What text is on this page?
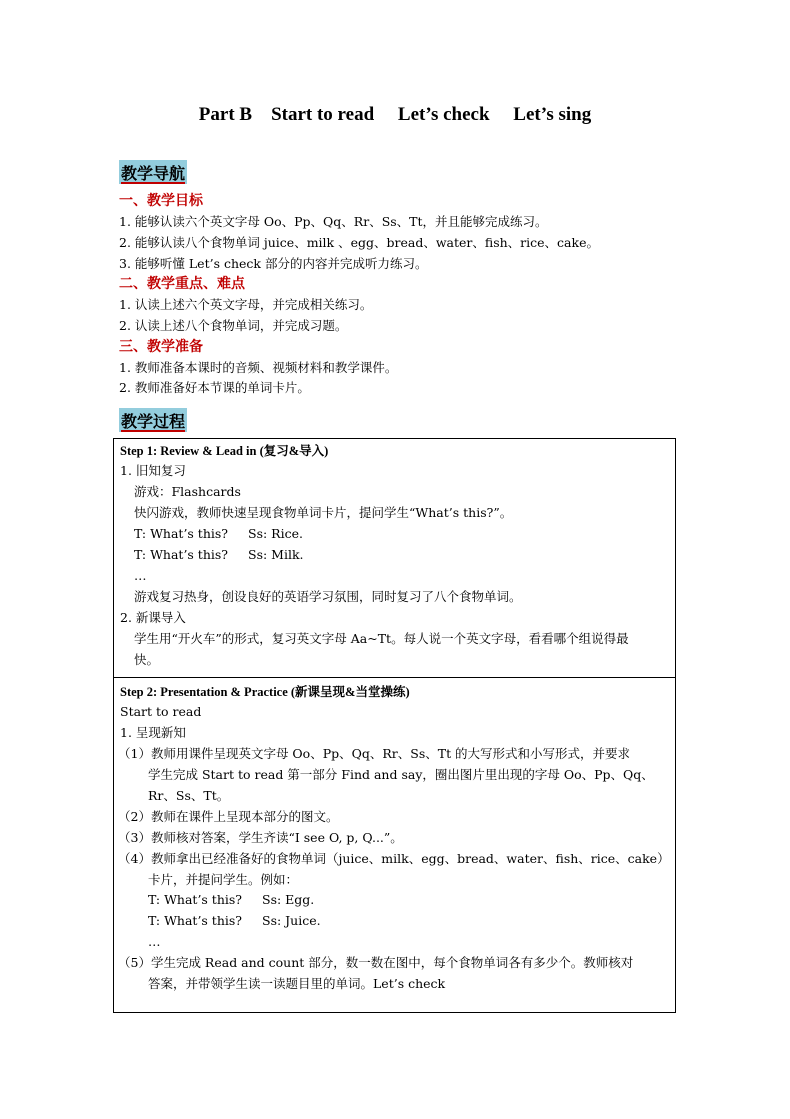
Part B    Start to read     Let’s check     Let’s sing
教学导航
一、教学目标
1. 能够认读六个英文字母 Oo、Pp、Qq、Rr、Ss、Tt，并且能够完成练习。
2. 能够认读八个食物单词 juice、milk 、egg、bread、water、fish、rice、cake。
3. 能够听懂 Let’s check 部分的内容并完成听力练习。
二、教学重点、难点
1. 认读上述六个英文字母，并完成相关练习。
2. 认读上述八个食物单词，并完成习题。
三、教学准备
1. 教师准备本课时的音频、视频材料和教学课件。
2. 教师准备好本节课的单词卡片。
教学过程
Step 1: Review & Lead in (复习&导入)
1. 旧知复习
游戏：Flashcards
快闪游戏，教师快速呈现食物单词卡片，提问学生“What’s this?”。
T: What’s this? Ss: Rice.
T: What’s this? Ss: Milk.
…
游戏复习热身，创设良好的英语学习氛围，同时复习了八个食物单词。
2. 新课导入
学生用“开火车”的形式，复习英文字母 Aa~Tt。每人说一个英文字母，看看哪个组说得最
快。
Step 2: Presentation & Practice (新课呈现&当堂操练)
Start to read
1. 呈现新知
（1）教师用课件呈现英文字母 Oo、Pp、Qq、Rr、Ss、Tt 的大写形式和小写形式，并要求
学生完成 Start to read 第一部分 Find and say，圈出图片里出现的字母 Oo、Pp、Qq、
Rr、Ss、Tt。
（2）教师在课件上呈现本部分的图文。
（3）教师核对答案，学生齐读“I see O, p, Q...”。
（4）教师拿出已经准备好的食物单词（juice、milk、egg、bread、water、fish、rice、cake）
卡片，并提问学生。例如：
T: What’s this? Ss: Egg.
T: What’s this? Ss: Juice.
…
（5）学生完成 Read and count 部分，数一数在图中，每个食物单词各有多少个。教师核对
答案，并带领学生读一读题目里的单词。Let’s check
